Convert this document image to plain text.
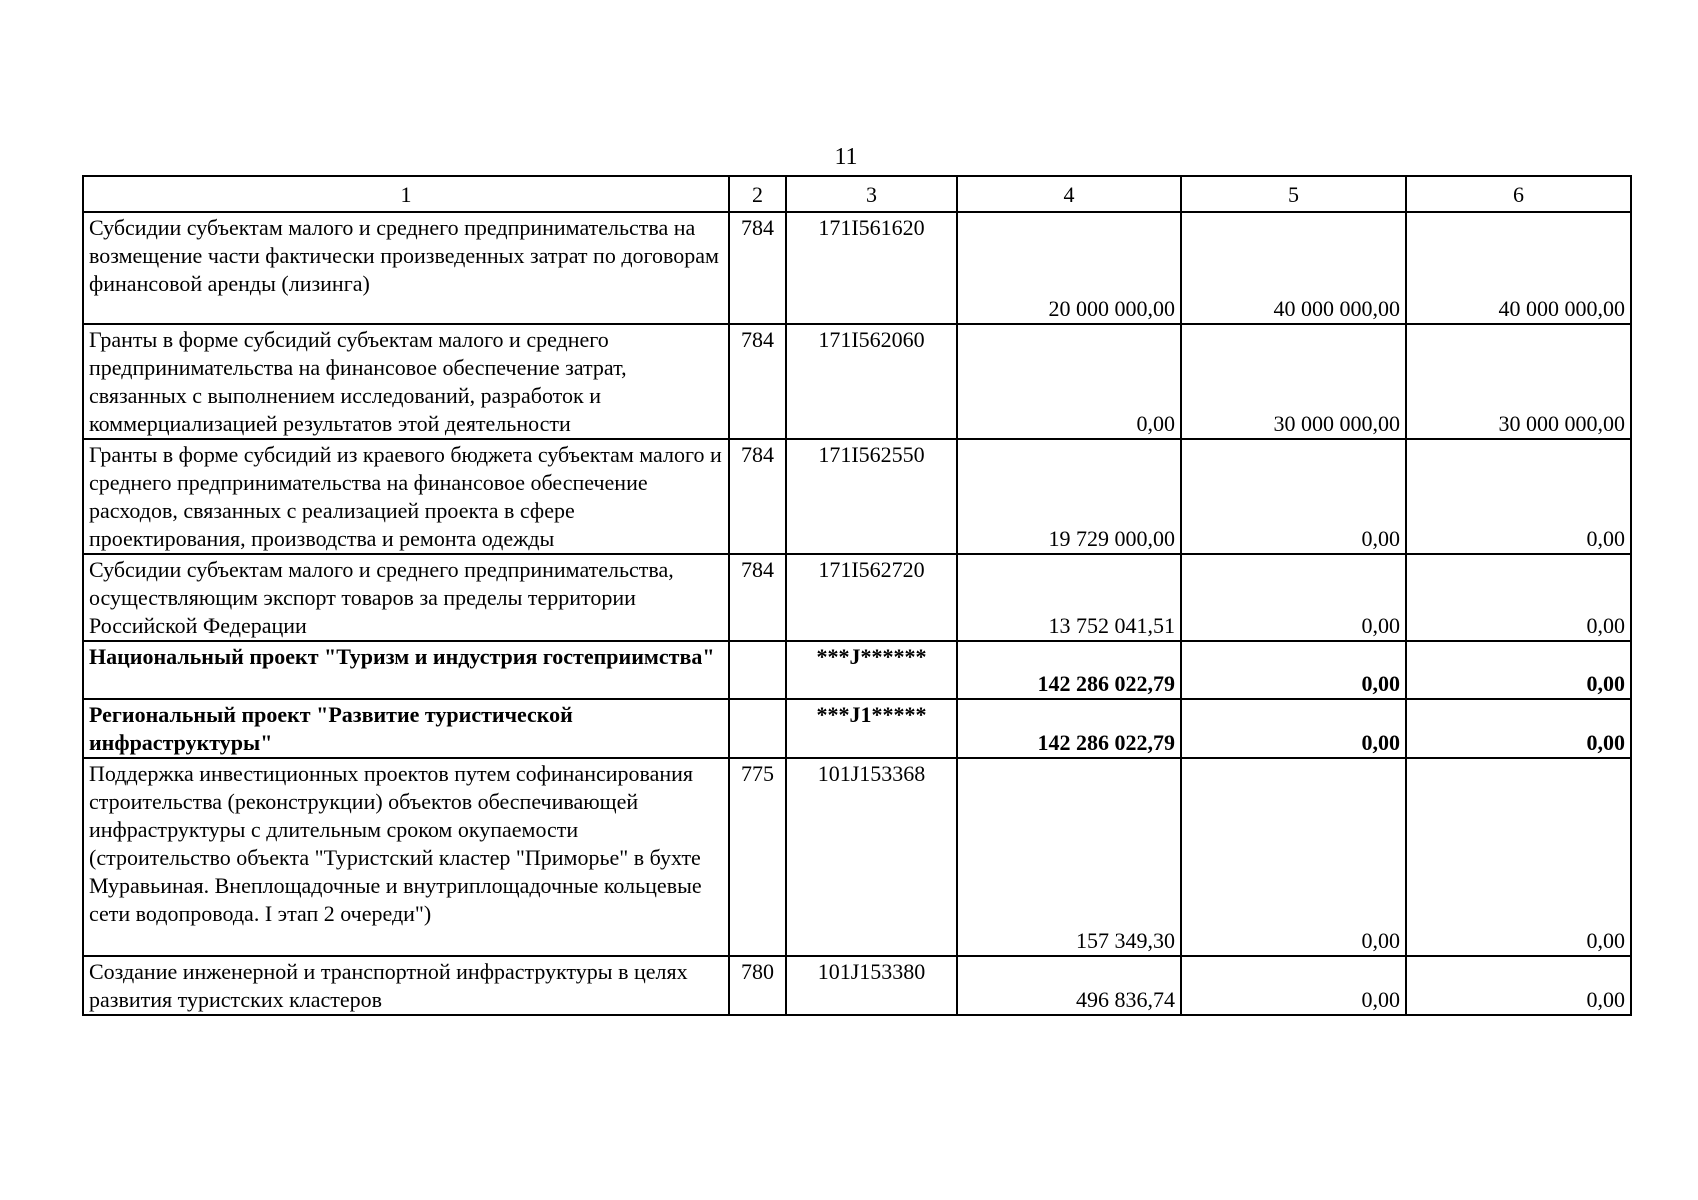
11
1	2	3	4	5	6
Субсидии субъектам малого и среднего предпринимательства на возмещение части фактически произведенных затрат по договорам финансовой аренды (лизинга)	784	171I561620	20 000 000,00	40 000 000,00	40 000 000,00
Гранты в форме субсидий субъектам малого и среднего предпринимательства на финансовое обеспечение затрат, связанных с выполнением исследований, разработок и коммерциализацией результатов этой деятельности	784	171I562060	0,00	30 000 000,00	30 000 000,00
Гранты в форме субсидий из краевого бюджета субъектам малого и среднего предпринимательства на финансовое обеспечение расходов, связанных с реализацией проекта в сфере проектирования, производства и ремонта одежды	784	171I562550	19 729 000,00	0,00	0,00
Субсидии субъектам малого и среднего предпринимательства, осуществляющим экспорт товаров за пределы территории Российской Федерации	784	171I562720	13 752 041,51	0,00	0,00
Национальный проект "Туризм и индустрия гостеприимства"		***J******	142 286 022,79	0,00	0,00
Региональный проект "Развитие туристической инфраструктуры"		***J1*****	142 286 022,79	0,00	0,00
Поддержка инвестиционных проектов путем софинансирования строительства (реконструкции) объектов обеспечивающей инфраструктуры с длительным сроком окупаемости (строительство объекта "Туристский кластер "Приморье" в бухте Муравьиная. Внеплощадочные и внутриплощадочные кольцевые сети водопровода. I этап 2 очереди")	775	101J153368	157 349,30	0,00	0,00
Создание инженерной и транспортной инфраструктуры в целях развития туристских кластеров	780	101J153380	496 836,74	0,00	0,00
